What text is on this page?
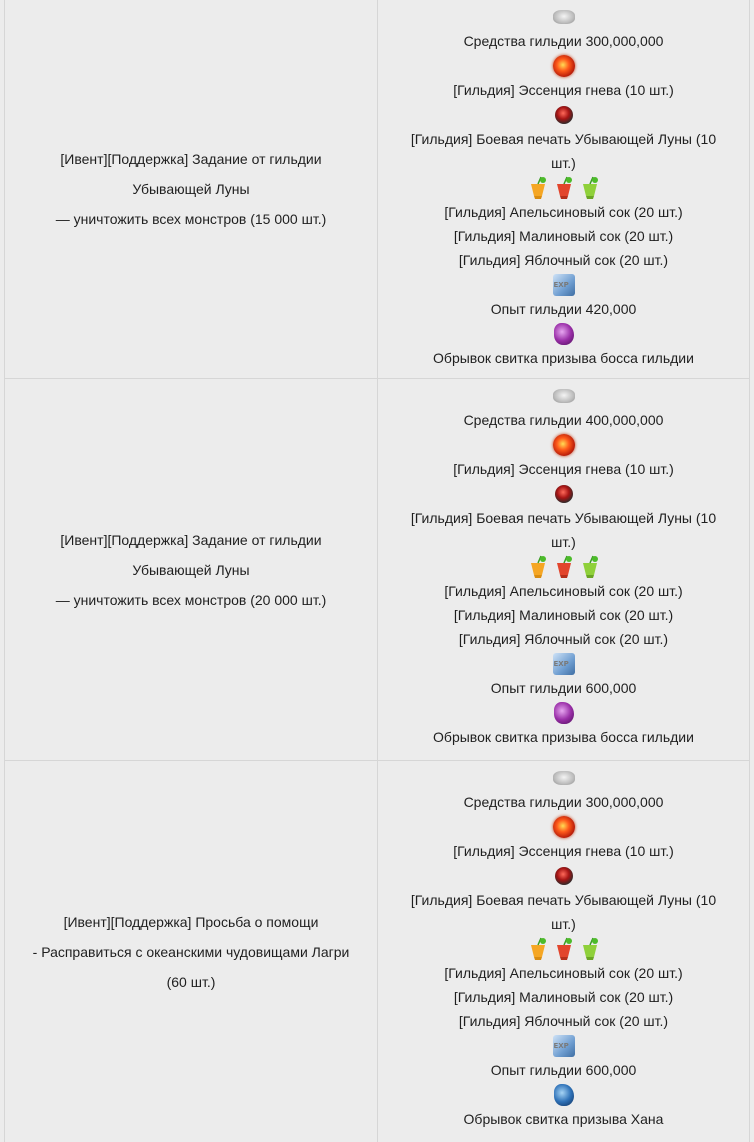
[Ивент][Поддержка] Задание от гильдии
Убывающей Луны
— уничтожить всех монстров (15 000 шт.)
Средства гильдии 300,000,000
[Гильдия] Эссенция гнева (10 шт.)
[Гильдия] Боевая печать Убывающей Луны (10
шт.)
[Гильдия] Апельсиновый сок (20 шт.)
[Гильдия] Малиновый сок (20 шт.)
[Гильдия] Яблочный сок (20 шт.)
EXP
Опыт гильдии 420,000
Обрывок свитка призыва босса гильдии
[Ивент][Поддержка] Задание от гильдии
Убывающей Луны
— уничтожить всех монстров (20 000 шт.)
Средства гильдии 400,000,000
[Гильдия] Эссенция гнева (10 шт.)
[Гильдия] Боевая печать Убывающей Луны (10
шт.)
[Гильдия] Апельсиновый сок (20 шт.)
[Гильдия] Малиновый сок (20 шт.)
[Гильдия] Яблочный сок (20 шт.)
EXP
Опыт гильдии 600,000
Обрывок свитка призыва босса гильдии
[Ивент][Поддержка] Просьба о помощи
- Расправиться с океанскими чудовищами Лагри
(60 шт.)
Средства гильдии 300,000,000
[Гильдия] Эссенция гнева (10 шт.)
[Гильдия] Боевая печать Убывающей Луны (10
шт.)
[Гильдия] Апельсиновый сок (20 шт.)
[Гильдия] Малиновый сок (20 шт.)
[Гильдия] Яблочный сок (20 шт.)
EXP
Опыт гильдии 600,000
Обрывок свитка призыва Хана
